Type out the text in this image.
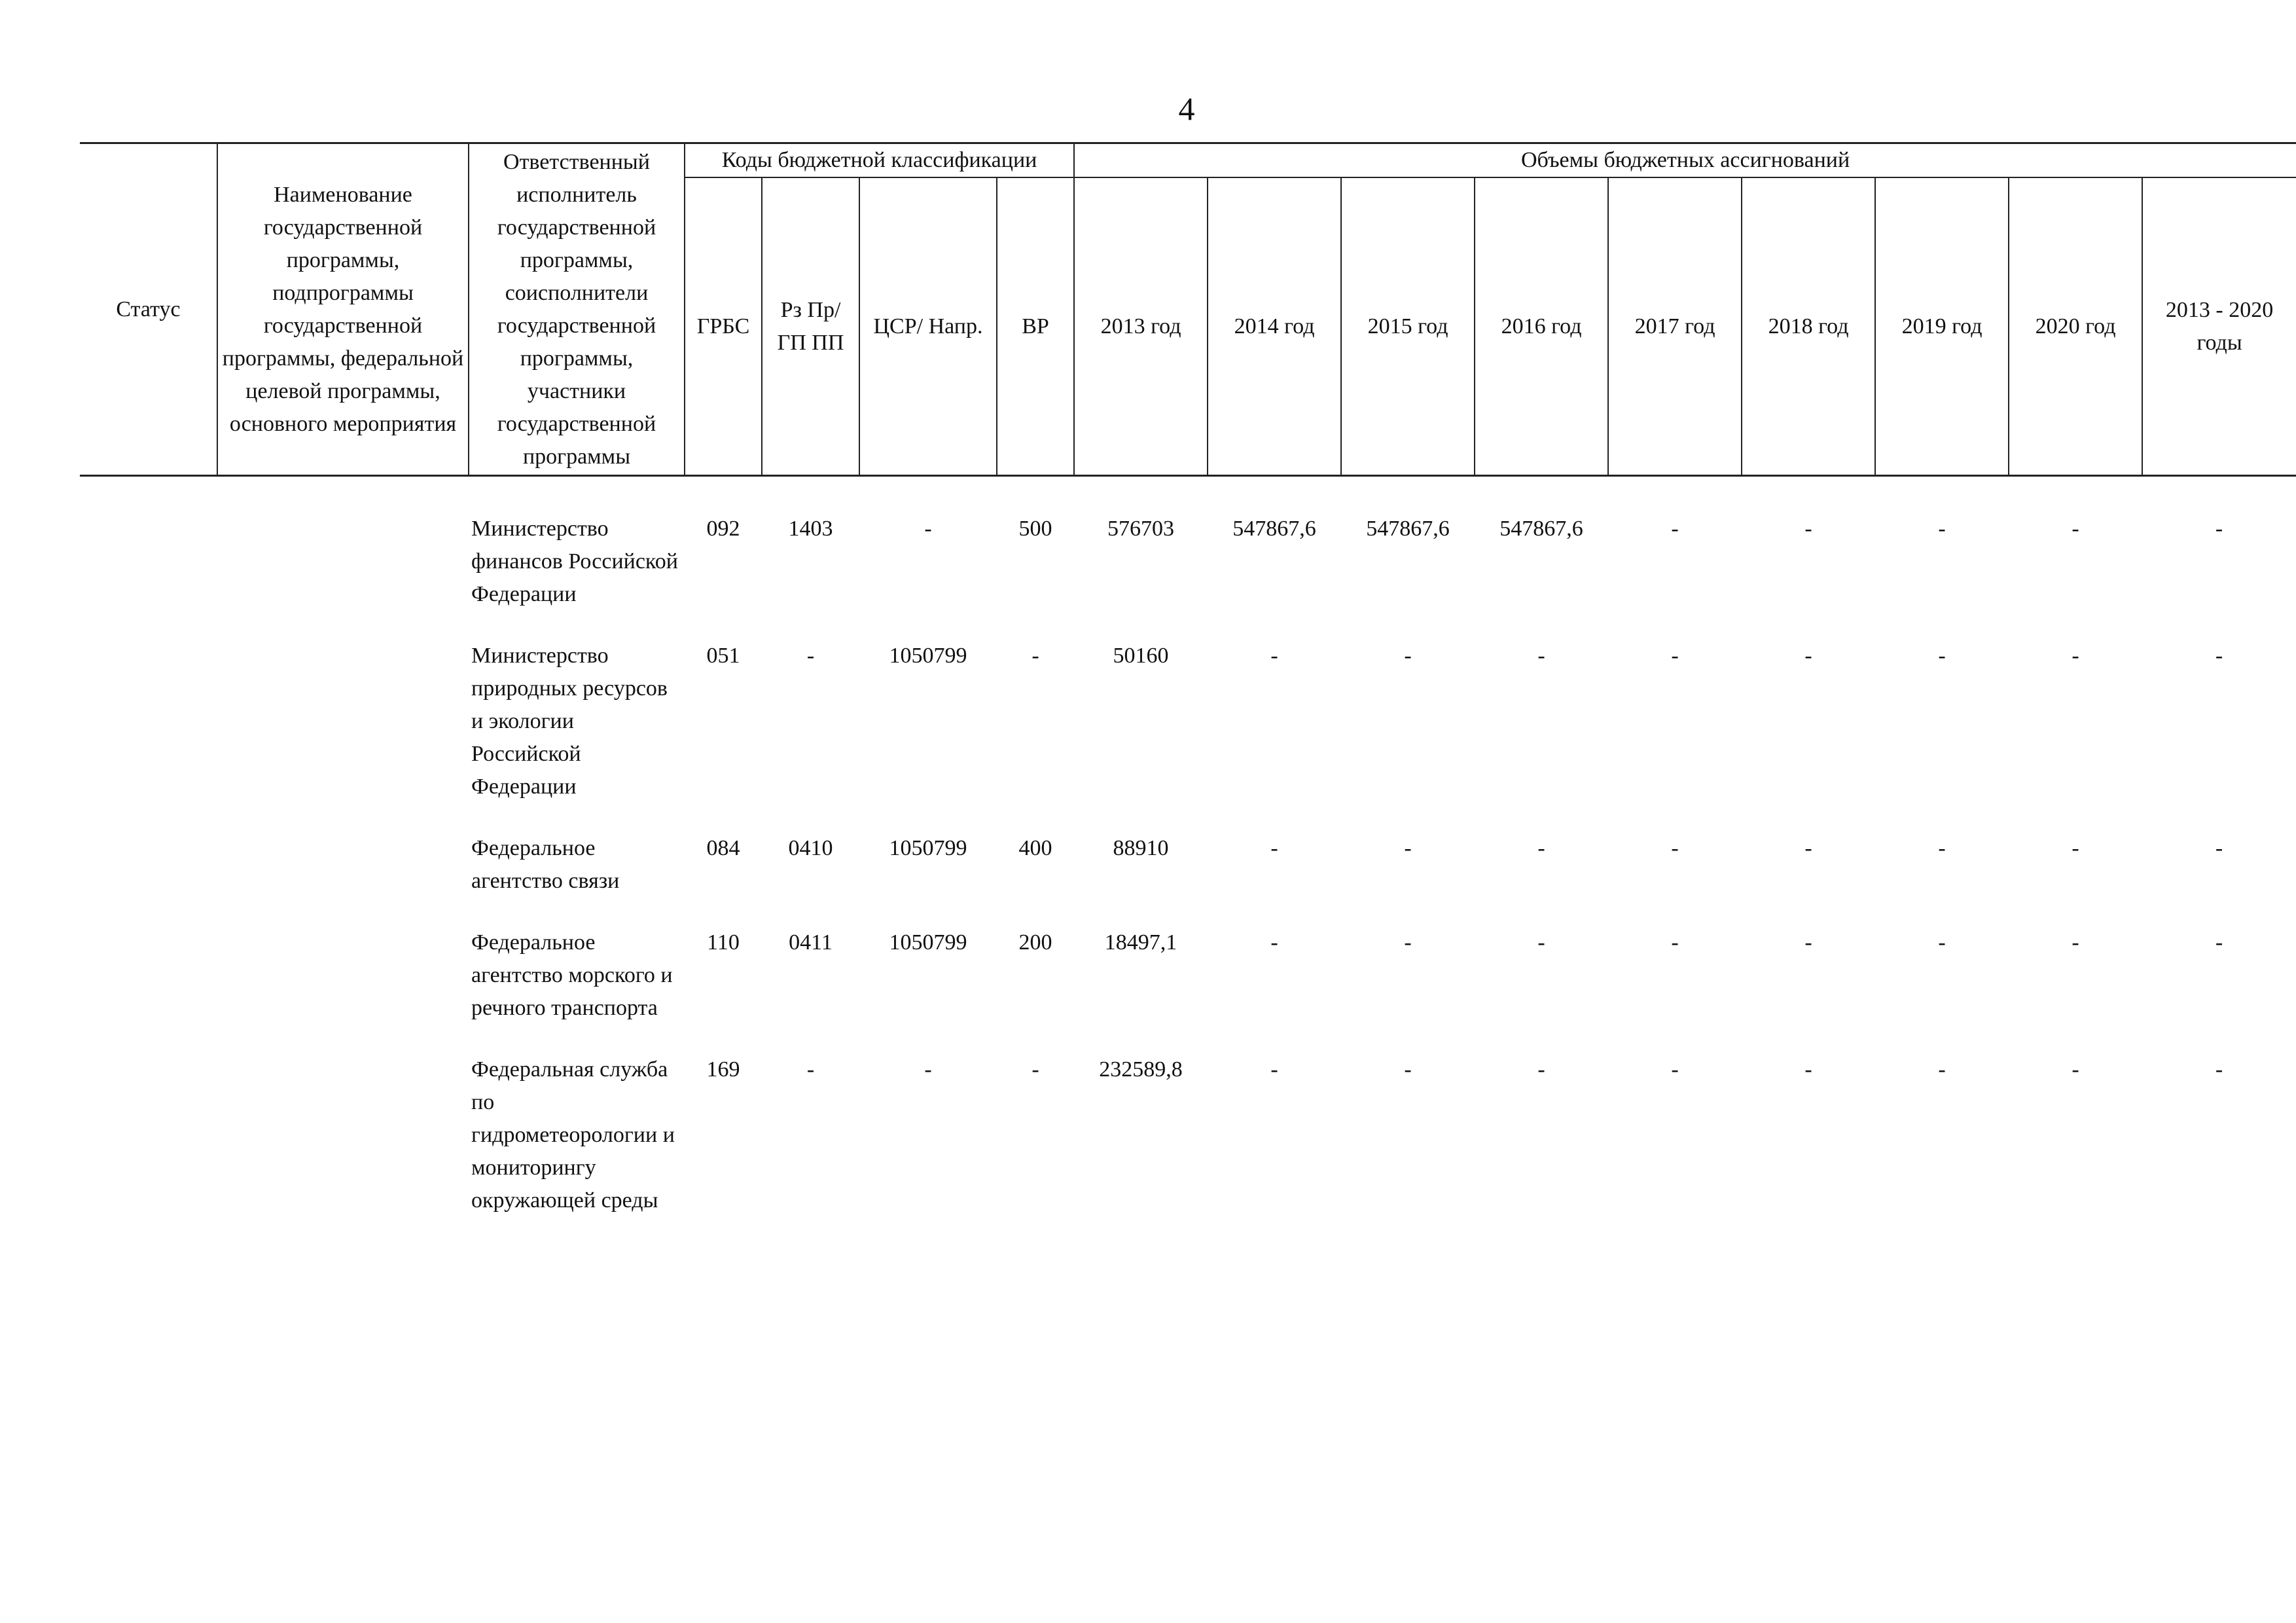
4
Статус	Наименование государственной программы, подпрограммы государственной программы, федеральной целевой программы, основного мероприятия	Ответственный исполнитель государственной программы, соисполнители государственной программы, участники государственной программы	Коды бюджетной классификации				Объемы бюджетных ассигнований								
			ГРБС	Рз Пр/ ГП ПП	ЦСР/ Напр.	ВР	2013 год	2014 год	2015 год	2016 год	2017 год	2018 год	2019 год	2020 год	2013 - 2020 годы
		Министерство финансов Российской Федерации	092	1403	-	500	576703	547867,6	547867,6	547867,6	-	-	-	-	-
		Министерство природных ресурсов и экологии Российской Федерации	051	-	1050799	-	50160	-	-	-	-	-	-	-	-
		Федеральное агентство связи	084	0410	1050799	400	88910	-	-	-	-	-	-	-	-
		Федеральное агентство морского и речного транспорта	110	0411	1050799	200	18497,1	-	-	-	-	-	-	-	-
		Федеральная служба по гидрометеорологии и мониторингу окружающей среды	169	-	-	-	232589,8	-	-	-	-	-	-	-	-
